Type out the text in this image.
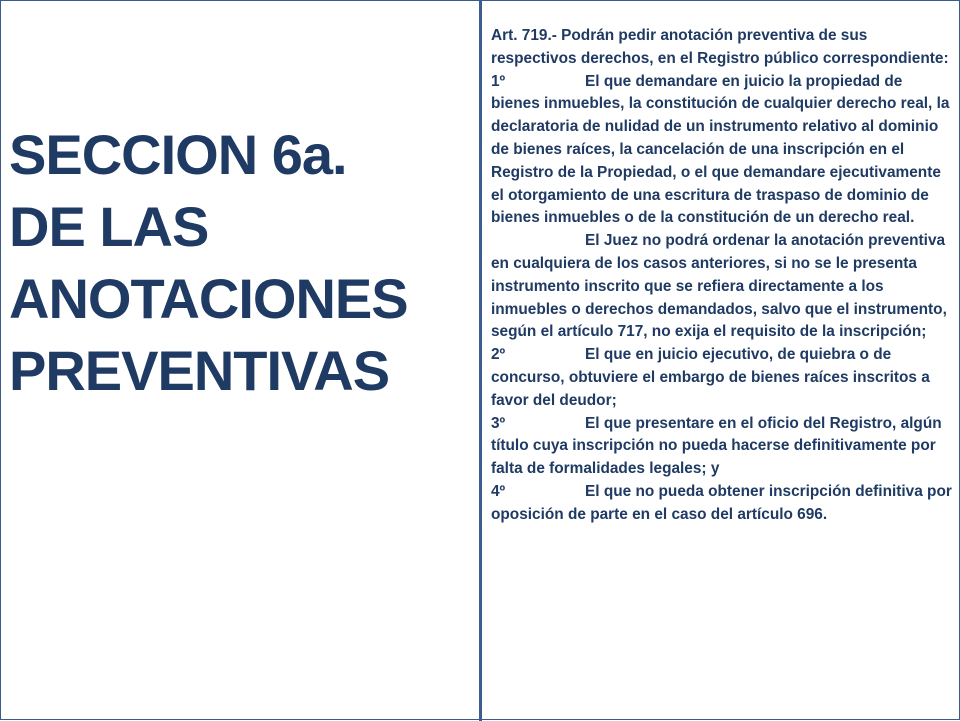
SECCION 6a.
DE LAS
ANOTACIONES
PREVENTIVAS

Art. 719.- Podrán pedir anotación preventiva de sus respectivos derechos, en el Registro público correspondiente:

1º	El que demandare en juicio la propiedad de bienes inmuebles, la constitución de cualquier derecho real, la declaratoria de nulidad de un instrumento relativo al dominio de bienes raíces, la cancelación de una inscripción en el Registro de la Propiedad, o el que demandare ejecutivamente el otorgamiento de una escritura de traspaso de dominio de bienes inmuebles o de la constitución de un derecho real.

El Juez no podrá ordenar la anotación preventiva en cualquiera de los casos anteriores, si no se le presenta instrumento inscrito que se refiera directamente a los inmuebles o derechos demandados, salvo que el instrumento, según el artículo 717, no exija el requisito de la inscripción;

2º	El que en juicio ejecutivo, de quiebra o de concurso, obtuviere el embargo de bienes raíces inscritos a favor del deudor;

3º	El que presentare en el oficio del Registro, algún título cuya inscripción no pueda hacerse definitivamente por falta de formalidades legales; y

4º	El que no pueda obtener inscripción definitiva por oposición de parte en el caso del artículo 696.
